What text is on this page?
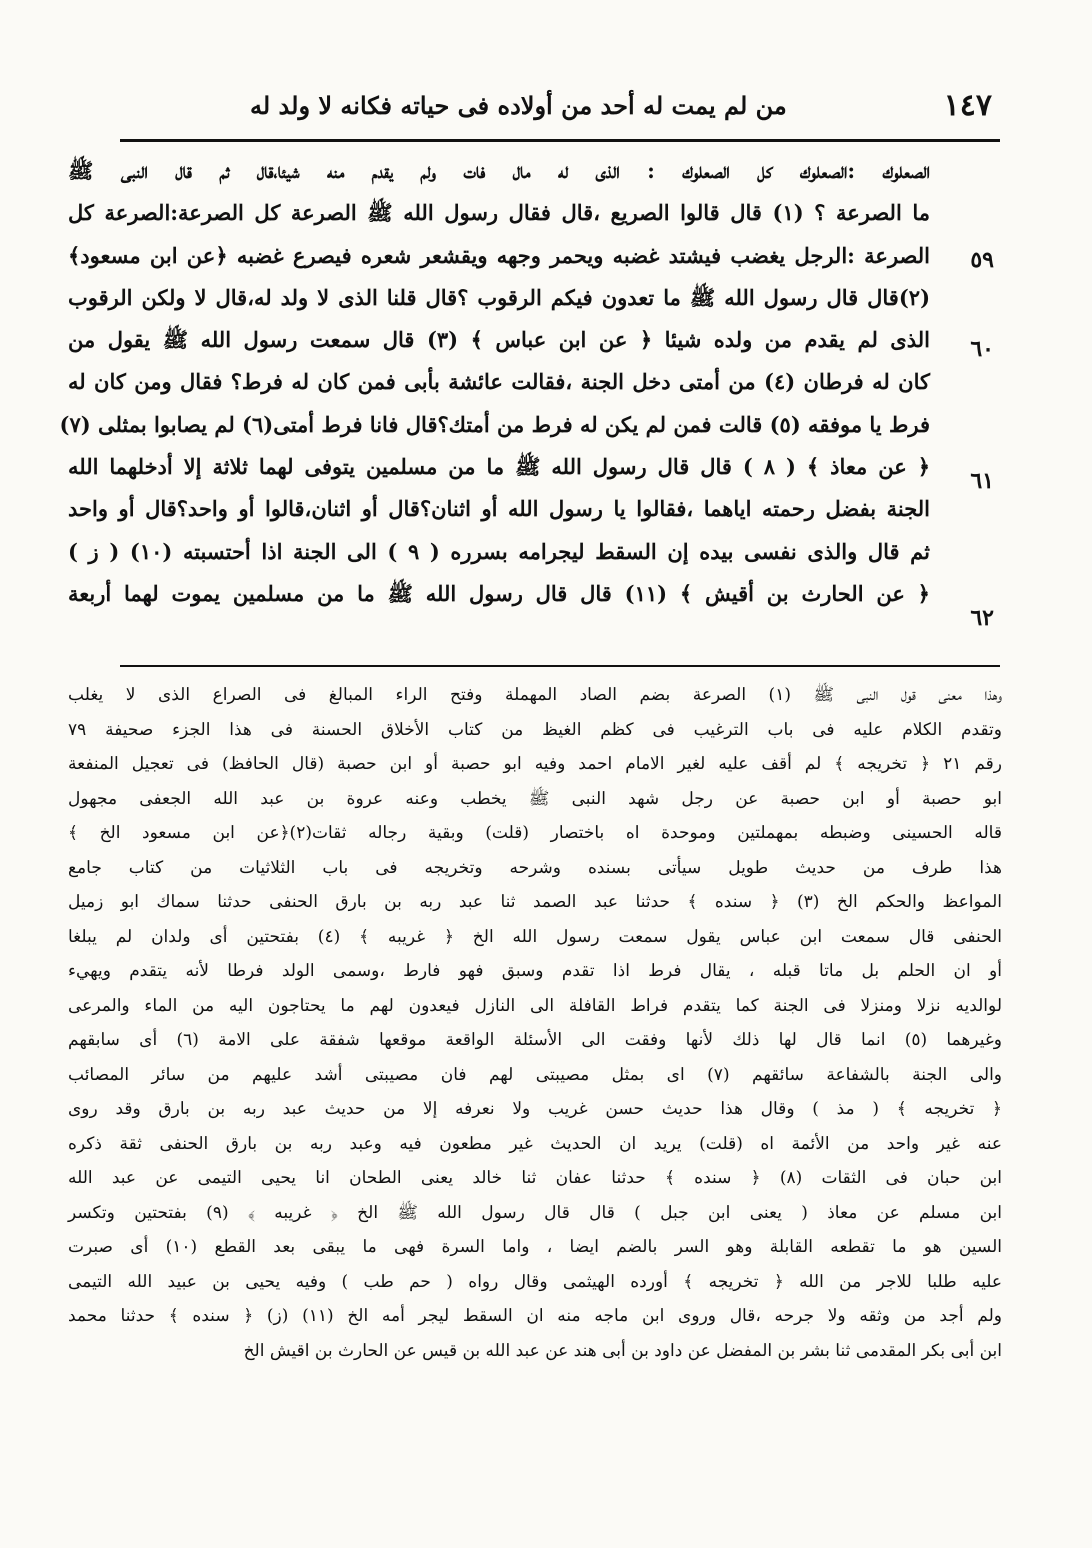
١٤٧
من لم يمت له أحد من أولاده فى حياته فكانه لا ولد له
٥٩
٦٠
٦١
٦٢
الصعلوك :الصعلوك كل الصعلوك : الذى له مال فات ولم يقدم منه شيئا،قال ثم قال النبى ﷺ
ما الصرعة ؟ (١) قال قالوا الصريع ،قال فقال رسول الله ﷺ الصرعة كل الصرعة:الصرعة كل
الصرعة :الرجل يغضب فيشتد غضبه ويحمر وجهه ويقشعر شعره فيصرع غضبه ﴿عن ابن مسعود﴾
(٢)قال قال رسول الله ﷺ ما تعدون فيكم الرقوب ؟قال قلنا الذى لا ولد له،قال لا ولكن الرقوب
الذى لم يقدم من ولده شيئا ﴿ عن ابن عباس ﴾ (٣) قال سمعت رسول الله ﷺ يقول من
كان له فرطان (٤) من أمتى دخل الجنة ،فقالت عائشة بأبى فمن كان له فرط؟ فقال ومن كان له
فرط يا موفقه (٥) قالت فمن لم يكن له فرط من أمتك؟قال فانا فرط أمتى(٦) لم يصابوا بمثلى (٧)
﴿ عن معاذ ﴾ ( ٨ ) قال قال رسول الله ﷺ ما من مسلمين يتوفى لهما ثلاثة إلا أدخلهما الله
الجنة بفضل رحمته اياهما ،فقالوا يا رسول الله أو اثنان؟قال أو اثنان،قالوا أو واحد؟قال أو واحد
ثم قال والذى نفسى بيده إن السقط ليجرامه بسرره ( ٩ ) الى الجنة اذا أحتسبته (١٠) ( ز )
﴿ عن الحارث بن أقيش ﴾ (١١) قال قال رسول الله ﷺ ما من مسلمين يموت لهما أربعة
وهذا معنى قول النبى ﷺ (١) الصرعة بضم الصاد المهملة وفتح الراء المبالغ فى الصراع الذى لا يغلب
وتقدم الكلام عليه فى باب الترغيب فى كظم الغيظ من كتاب الأخلاق الحسنة فى هذا الجزء صحيفة ٧٩
رقم ٢١ ﴿ تخريجه ﴾ لم أقف عليه لغير الامام احمد وفيه ابو حصبة أو ابن حصبة (قال الحافظ) فى تعجيل المنفعة
ابو حصبة أو ابن حصبة عن رجل شهد النبى ﷺ يخطب وعنه عروة بن عبد الله الجعفى مجهول
قاله الحسينى وضبطه بمهملتين وموحدة اه باختصار (قلت) وبقية رجاله ثقات(٢)﴿عن ابن مسعود الخ ﴾
هذا طرف من حديث طويل سيأتى بسنده وشرحه وتخريجه فى باب الثلاثيات من كتاب جامع
المواعظ والحكم الخ (٣) ﴿ سنده ﴾ حدثنا عبد الصمد ثنا عبد ربه بن بارق الحنفى حدثنا سماك ابو زميل
الحنفى قال سمعت ابن عباس يقول سمعت رسول الله الخ ﴿ غريبه ﴾ (٤) بفتحتين أى ولدان لم يبلغا
أو ان الحلم بل ماتا قبله ، يقال فرط اذا تقدم وسبق فهو فارط ،وسمى الولد فرطا لأنه يتقدم ويهيء
لوالديه نزلا ومنزلا فى الجنة كما يتقدم فراط القافلة الى النازل فيعدون لهم ما يحتاجون اليه من الماء والمرعى
وغيرهما (٥) انما قال لها ذلك لأنها وفقت الى الأسئلة الواقعة موقعها شفقة على الامة (٦) أى سابقهم
والى الجنة بالشفاعة سائقهم (٧) اى بمثل مصيبتى لهم فان مصيبتى أشد عليهم من سائر المصائب
﴿ تخريجه ﴾ ( مذ ) وقال هذا حديث حسن غريب ولا نعرفه إلا من حديث عبد ربه بن بارق وقد روى
عنه غير واحد من الأئمة اه (قلت) يريد ان الحديث غير مطعون فيه وعبد ربه بن بارق الحنفى ثقة ذكره
ابن حبان فى الثقات (٨) ﴿ سنده ﴾ حدثنا عفان ثنا خالد يعنى الطحان انا يحيى التيمى عن عبد الله
ابن مسلم عن معاذ ( يعنى ابن جبل ) قال قال رسول الله ﷺ الخ ﴿ غريبه ﴾ (٩) بفتحتين وتكسر
السين هو ما تقطعه القابلة وهو السر بالضم ايضا ، واما السرة فهى ما يبقى بعد القطع (١٠) أى صبرت
عليه طلبا للاجر من الله ﴿ تخريجه ﴾ أورده الهيثمى وقال رواه ( حم طب ) وفيه يحيى بن عبيد الله التيمى
ولم أجد من وثقه ولا جرحه ،قال وروى ابن ماجه منه ان السقط ليجر أمه الخ (١١) (ز) ﴿ سنده ﴾ حدثنا محمد
ابن أبى بكر المقدمى ثنا بشر بن المفضل عن داود بن أبى هند عن عبد الله بن قيس عن الحارث بن اقيش الخ
